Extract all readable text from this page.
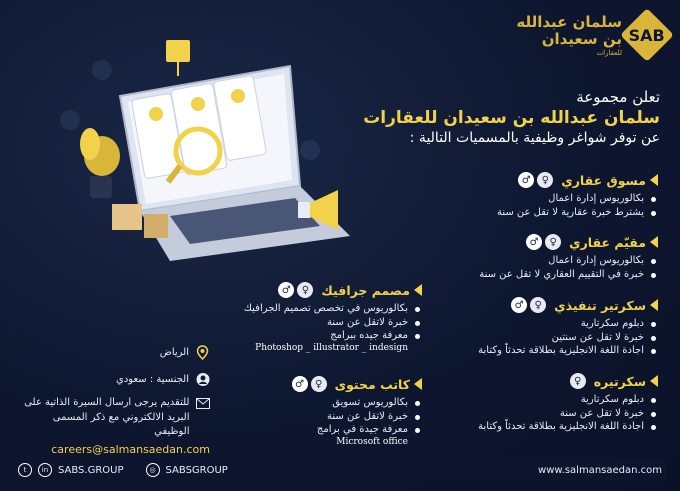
SAB
سلمان عبدالله
بن سعيدان
للعقارات
تعلن مجموعة
سلمان عبدالله بن سعيدان للعقارات
عن توفر شواغر وظيفية بالمسميات التالية :
مسوق عقاري
♀
♂
بكالوريوس إدارة اعمال
يشترط خبرة عقارية لا تقل عن سنة
مقيّم عقاري
♀
♂
بكالوريوس إدارة اعمال
خبرة في التقييم العقاري لا تقل عن سنة
سكرتير تنفيذي
♀
♂
دبلوم سكرتارية
خبرة لا تقل عن سنتين
اجادة اللغة الانجليزية بطلاقة تحدثاً وكتابة
سكرتيره
♀
دبلوم سكرتارية
خبرة لا تقل عن سنة
اجادة اللغة الانجليزية بطلاقة تحدثاً وكتابة
مصمم جرافيك
♀
♂
بكالوريوس في تخصص تصميم الجرافيك
خبرة لاتقل عن سنة
معرفة جيده ببرامج
Photoshop _ illustrator _ indesign
كاتب محتوى
♀
♂
بكالوريوس تسويق
خبرة لاتقل عن سنة
معرفة جيدة في برامج
Microsoft office
الرياض
الجنسية : سعودي
للتقديم يرجى ارسال السيرة الذاتية على
البريد الالكتروني مع ذكر المسمى الوظيفي
careers@salmansaedan.com
t	in SABS.GROUP	◎ SABSGROUP	www.salmansaedan.com
